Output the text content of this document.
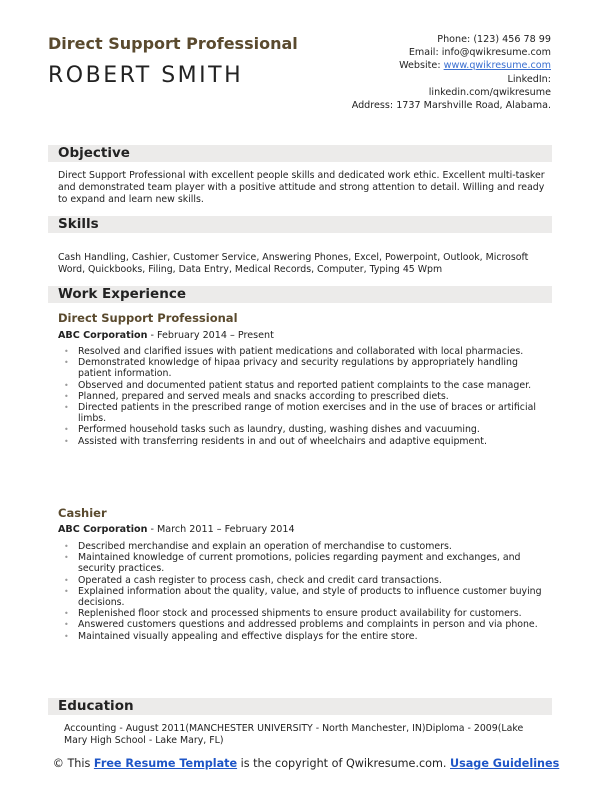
Direct Support Professional
ROBERT SMITH
Phone: (123) 456 78 99
Email: info@qwikresume.com
Website: www.qwikresume.com
LinkedIn:
linkedin.com/qwikresume
Address: 1737 Marshville Road, Alabama.
Objective
Direct Support Professional with excellent people skills and dedicated work ethic. Excellent multi-tasker and demonstrated team player with a positive attitude and strong attention to detail. Willing and ready to expand and learn new skills.
Skills
Cash Handling, Cashier, Customer Service, Answering Phones, Excel, Powerpoint, Outlook, Microsoft Word, Quickbooks, Filing, Data Entry, Medical Records, Computer, Typing 45 Wpm
Work Experience
Direct Support Professional
ABC Corporation - February 2014 – Present
• Resolved and clarified issues with patient medications and collaborated with local pharmacies.
• Demonstrated knowledge of hipaa privacy and security regulations by appropriately handling patient information.
• Observed and documented patient status and reported patient complaints to the case manager.
• Planned, prepared and served meals and snacks according to prescribed diets.
• Directed patients in the prescribed range of motion exercises and in the use of braces or artificial limbs.
• Performed household tasks such as laundry, dusting, washing dishes and vacuuming.
• Assisted with transferring residents in and out of wheelchairs and adaptive equipment.
Cashier
ABC Corporation - March 2011 – February 2014
• Described merchandise and explain an operation of merchandise to customers.
• Maintained knowledge of current promotions, policies regarding payment and exchanges, and security practices.
• Operated a cash register to process cash, check and credit card transactions.
• Explained information about the quality, value, and style of products to influence customer buying decisions.
• Replenished floor stock and processed shipments to ensure product availability for customers.
• Answered customers questions and addressed problems and complaints in person and via phone.
• Maintained visually appealing and effective displays for the entire store.
Education
Accounting - August 2011(MANCHESTER UNIVERSITY - North Manchester, IN)Diploma - 2009(Lake Mary High School - Lake Mary, FL)
© This Free Resume Template is the copyright of Qwikresume.com. Usage Guidelines
